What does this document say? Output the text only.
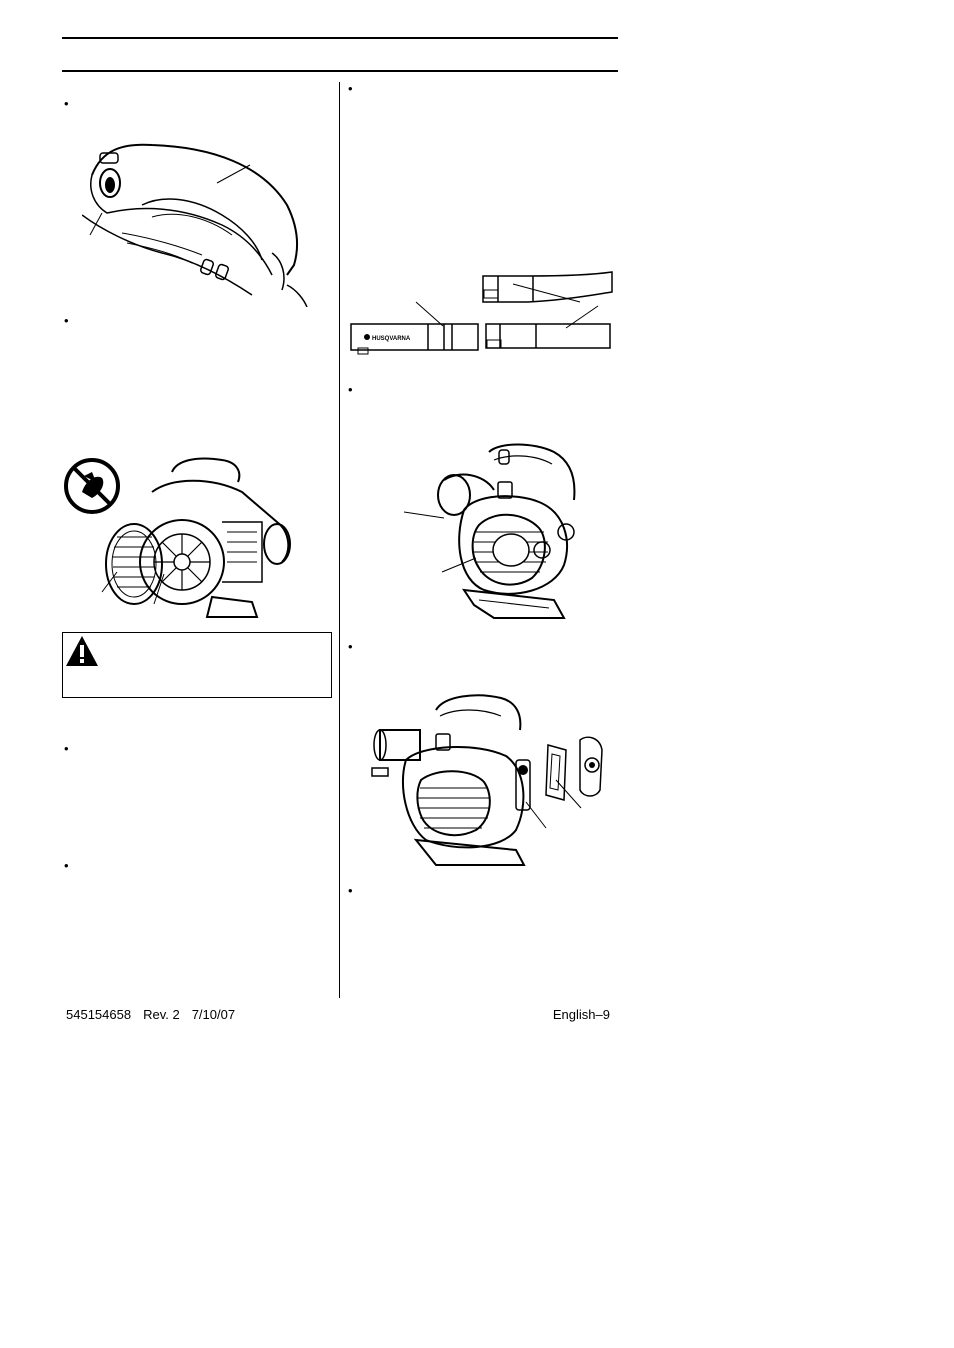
•
•
•
•
•
•
•
•
HUSQVARNA
545154658 Rev. 2 7/10/07	English–9
